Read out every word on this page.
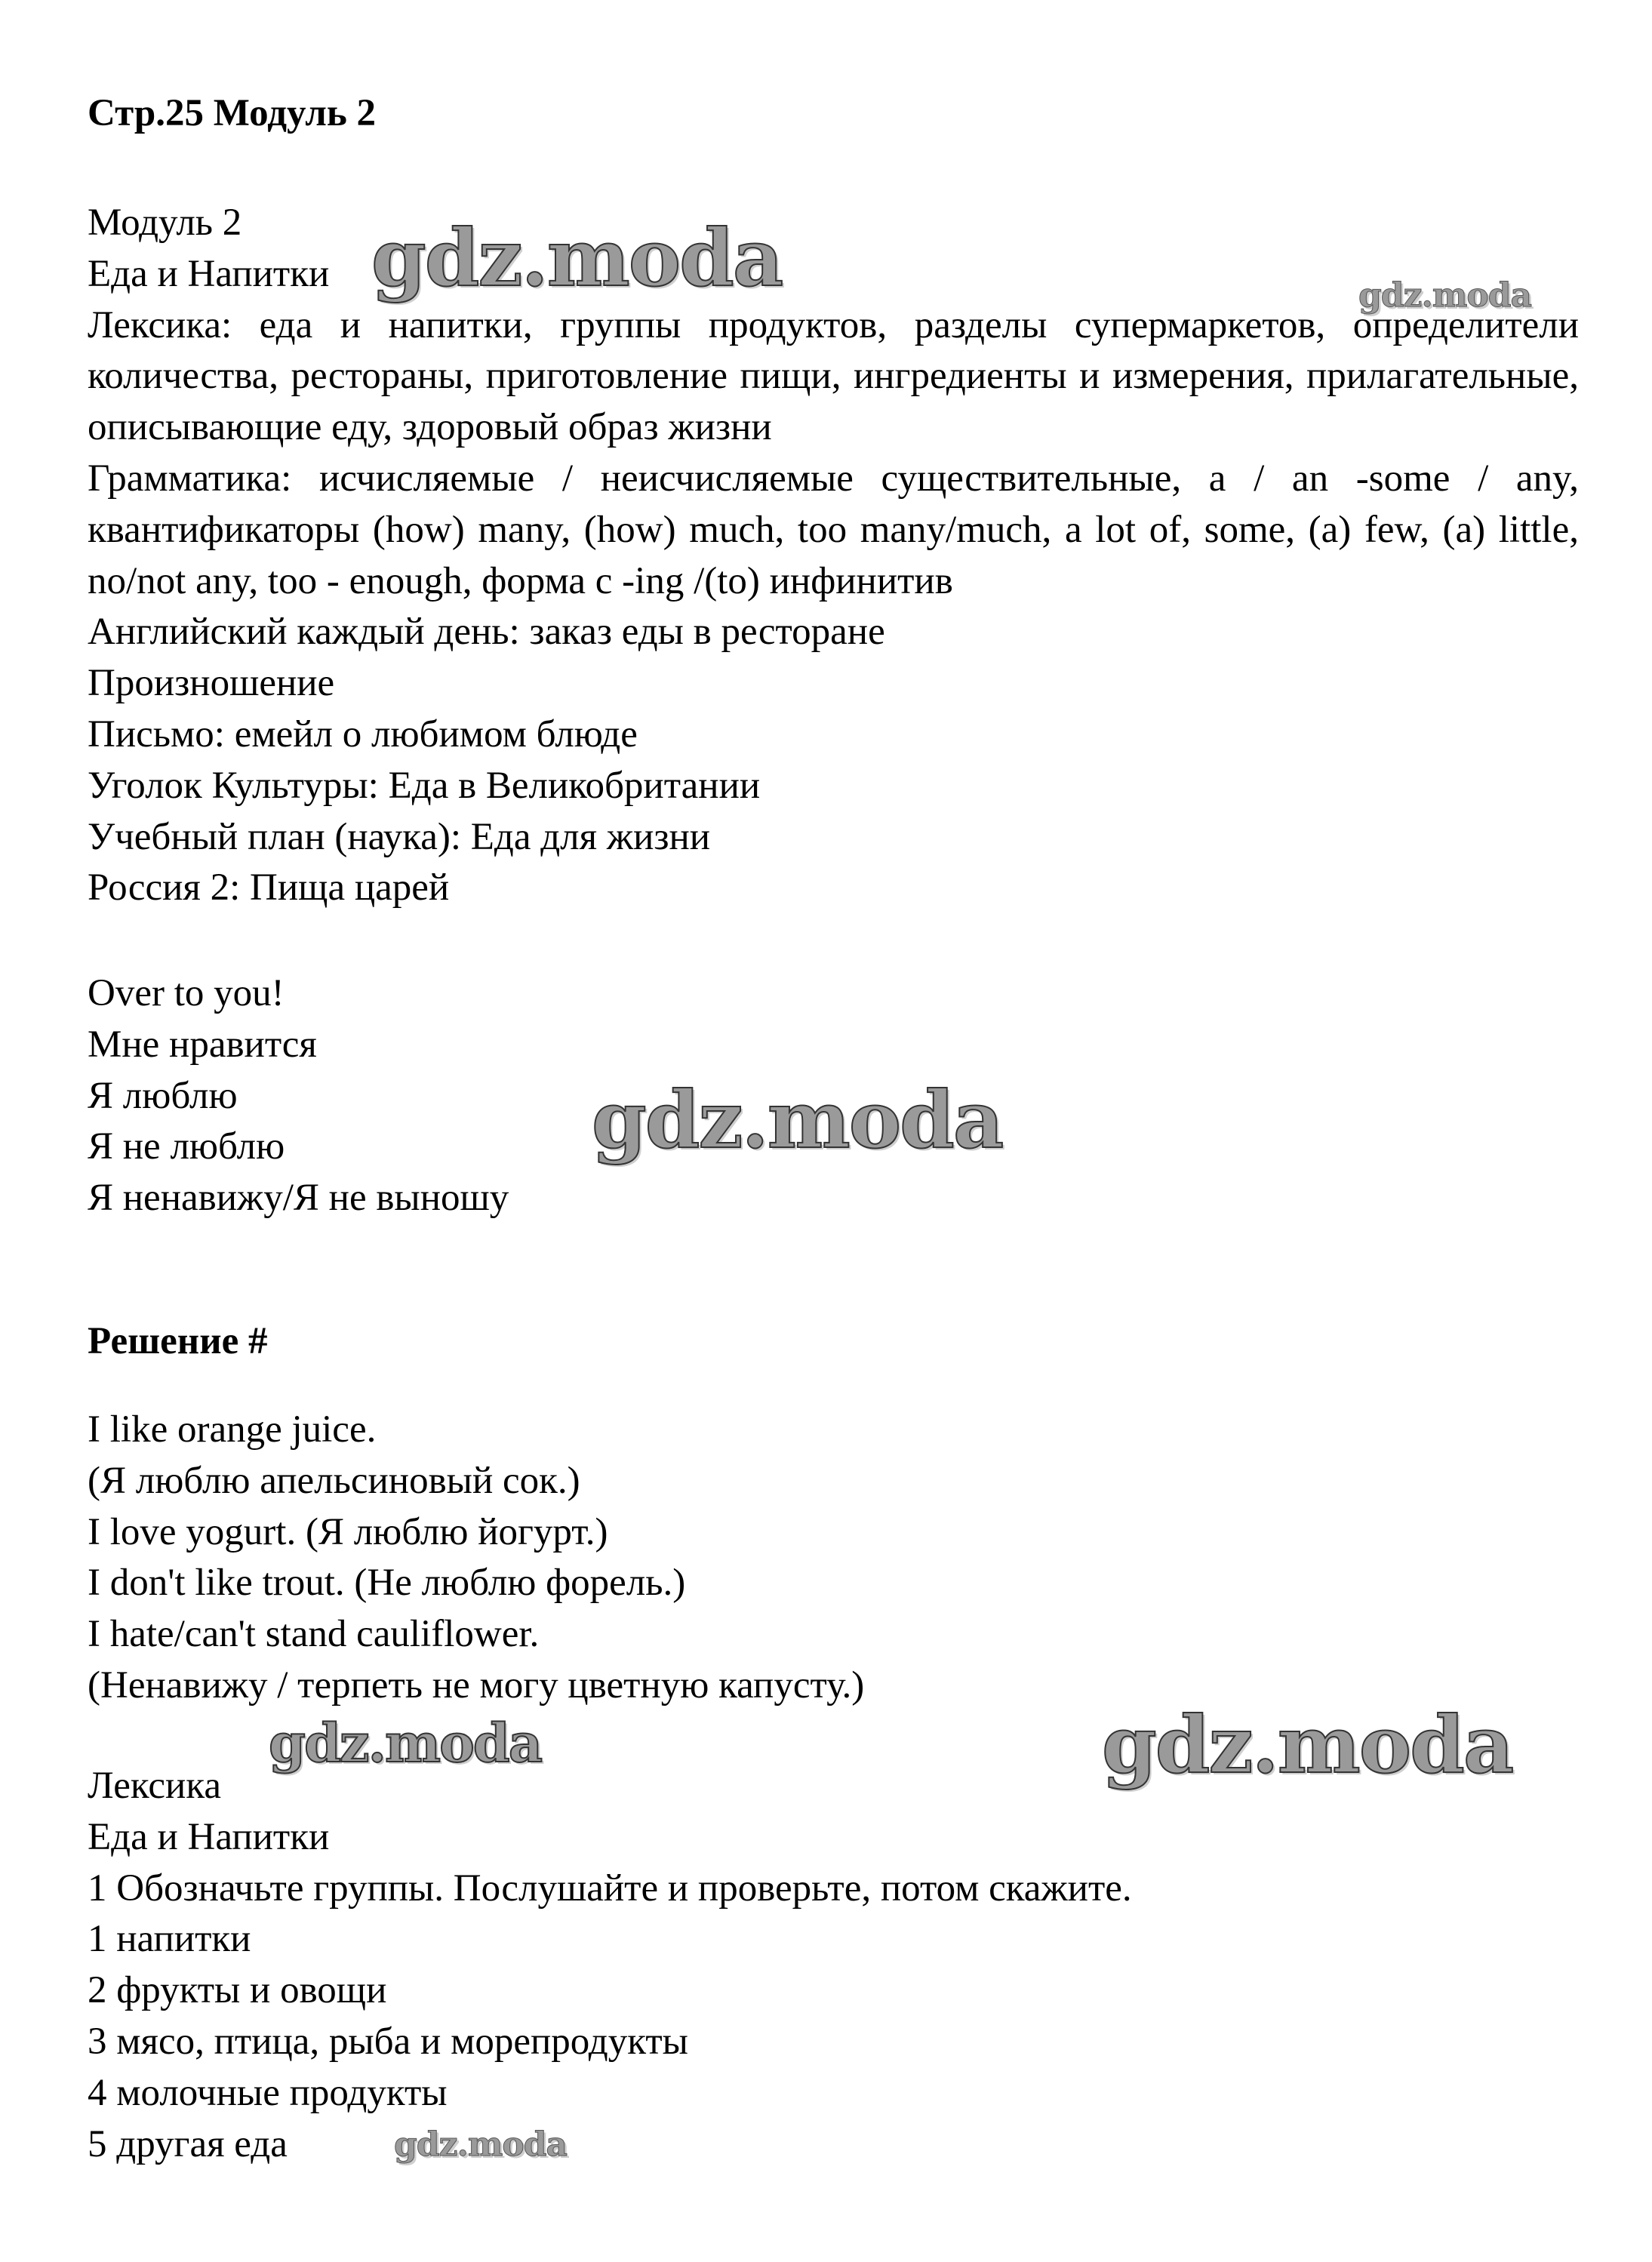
Стр.25 Модуль 2
Модуль 2
Еда и Напитки
Лексика: еда и напитки, группы продуктов, разделы супермаркетов, определители количества, рестораны, приготовление пищи, ингредиенты и измерения, прилагательные, описывающие еду, здоровый образ жизни
Грамматика: исчисляемые / неисчисляемые существительные, a / an -some / any, квантификаторы (how) many, (how) much, too many/much, a lot of, some, (a) few, (a) little, no/not any, too - enough, форма с -ing /(to) инфинитив
Английский каждый день: заказ еды в ресторане
Произношение
Письмо: емейл о любимом блюде
Уголок Культуры: Еда в Великобритании
Учебный план (наука): Еда для жизни
Россия 2: Пища царей
Over to you!
Мне нравится
Я люблю
Я не люблю
Я ненавижу/Я не выношу
Решение #
I like orange juice.
(Я люблю апельсиновый сок.)
I love yogurt. (Я люблю йогурт.)
I don't like trout. (Не люблю форель.)
I hate/can't stand cauliflower.
(Ненавижу / терпеть не могу цветную капусту.)
Лексика
Еда и Напитки
1 Обозначьте группы. Послушайте и проверьте, потом скажите.
1 напитки
2 фрукты и овощи
3 мясо, птица, рыба и морепродукты
4 молочные продукты
5 другая еда
gdz.moda	gdz.moda
gdz.moda
gdz.moda	gdz.moda
gdz.moda
